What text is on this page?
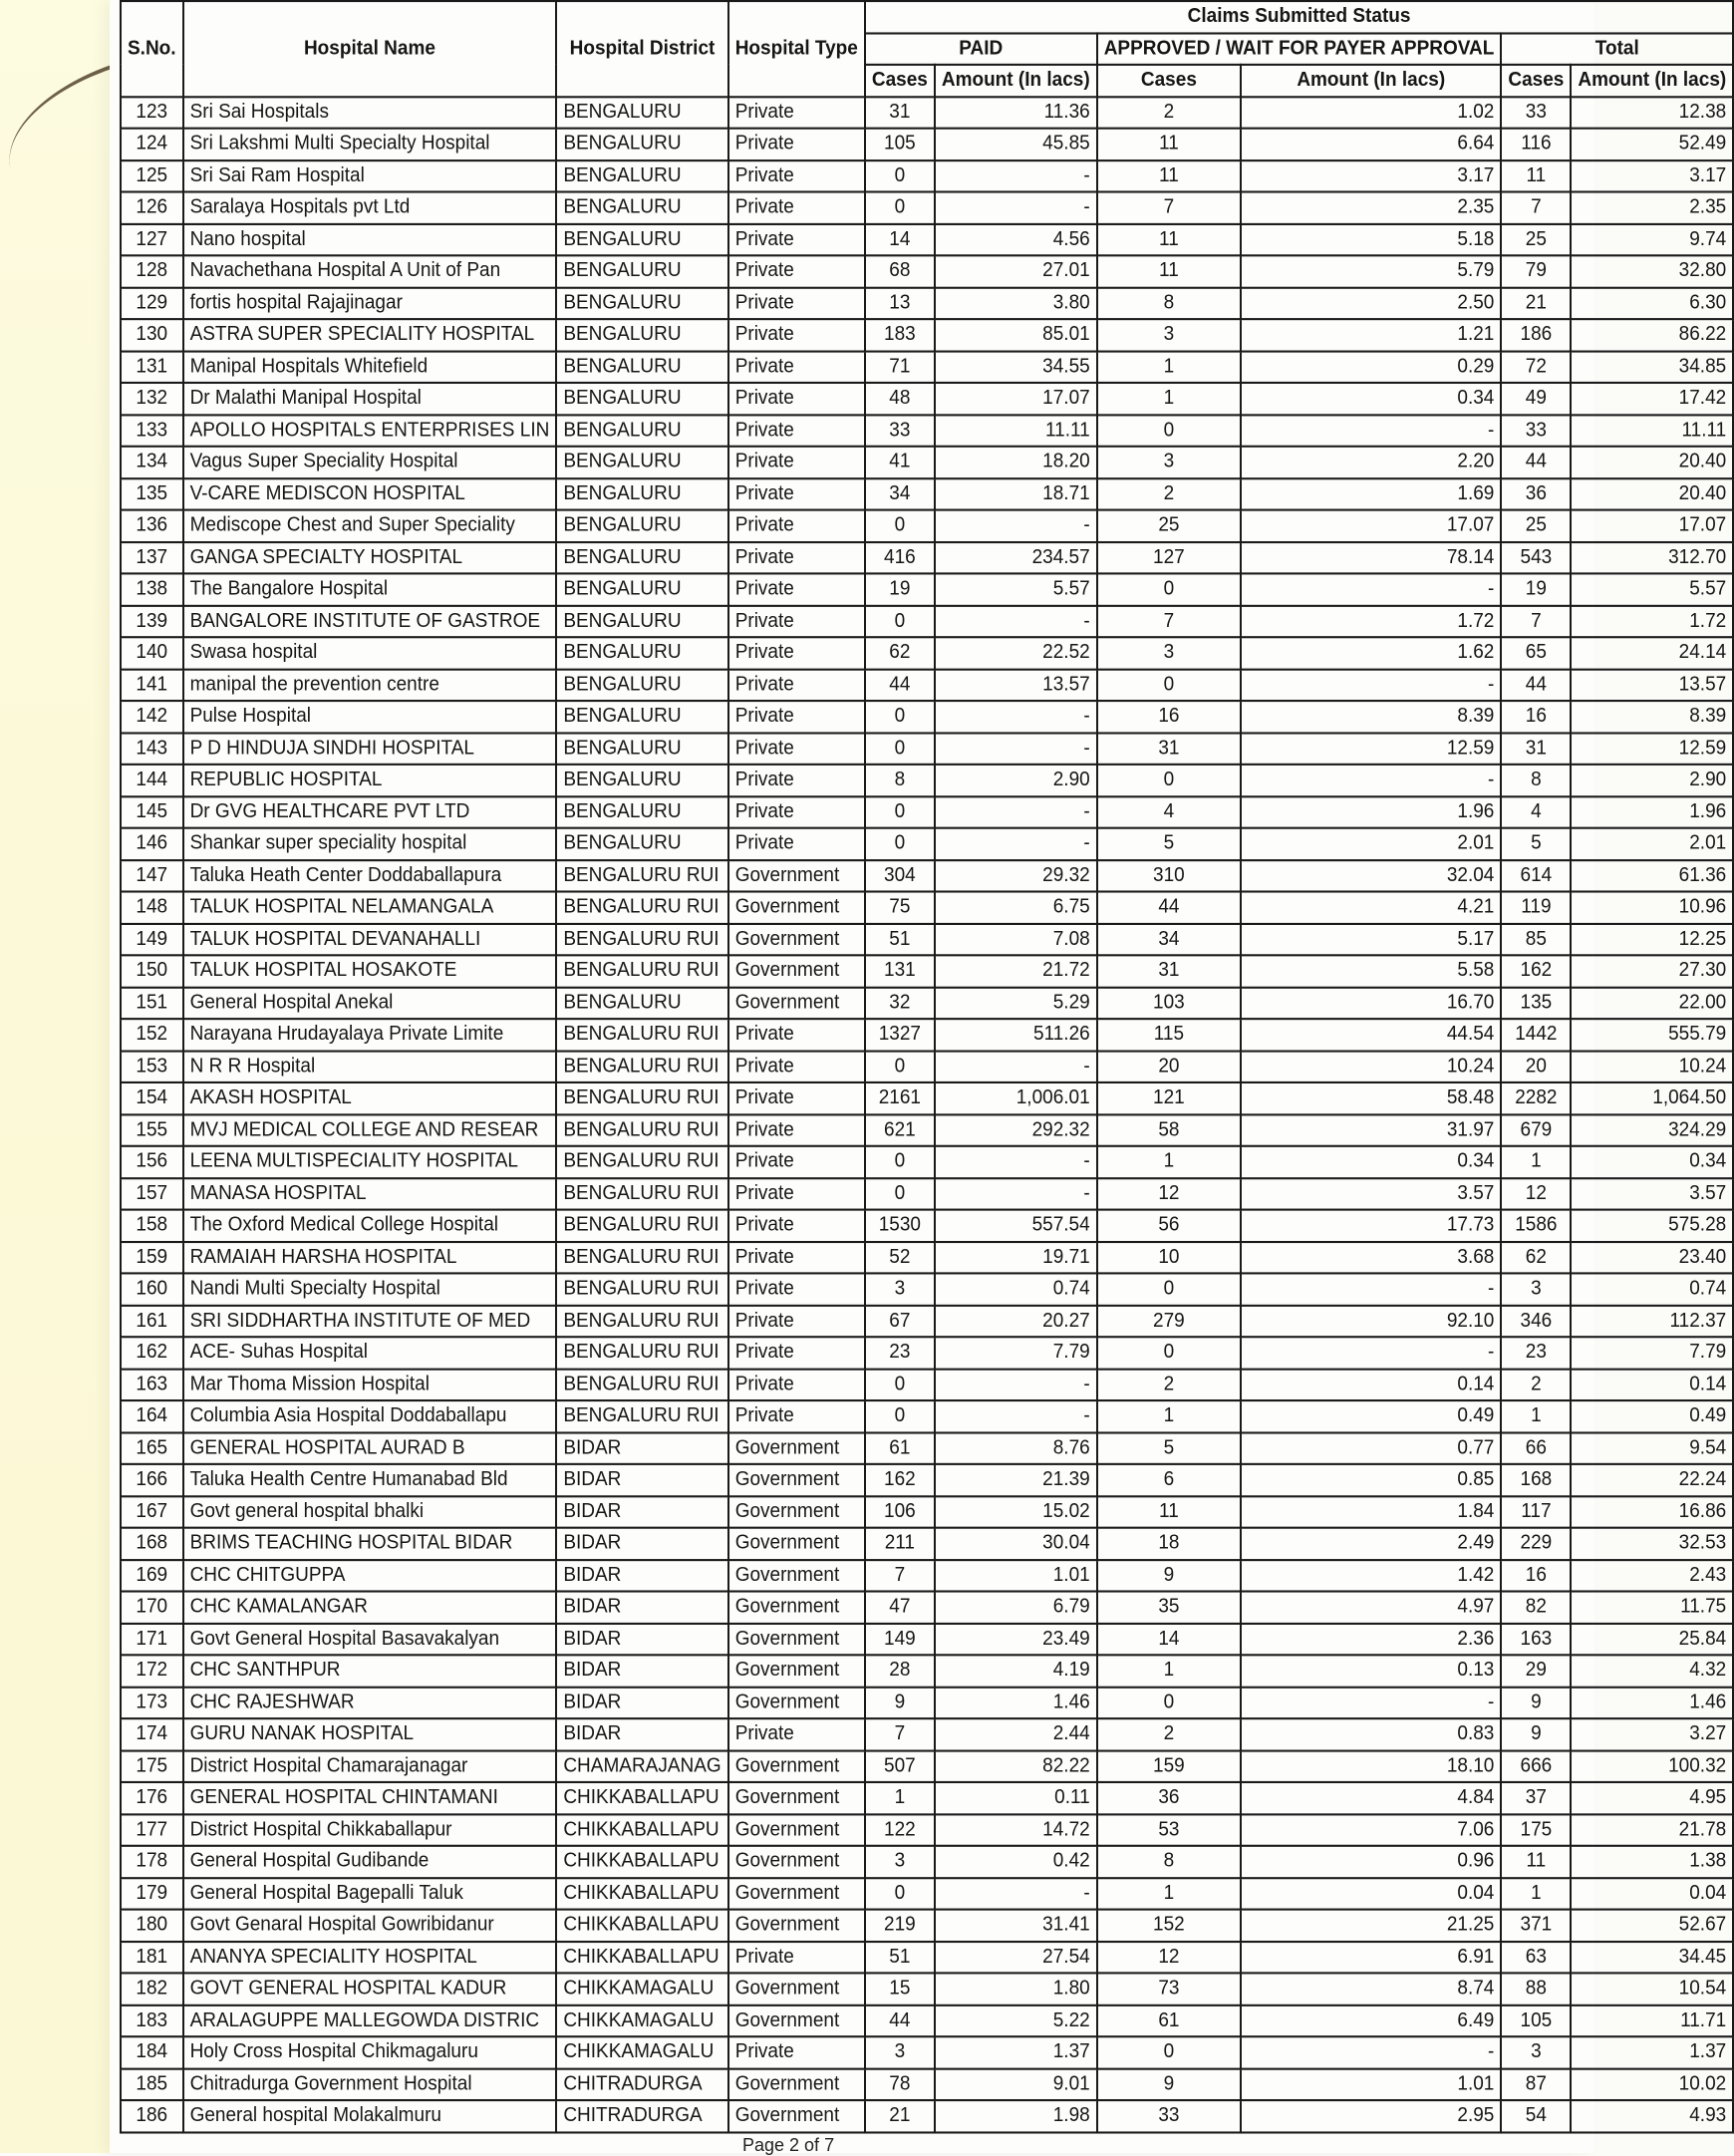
S.No.	Hospital Name	Hospital District	Hospital Type	Claims Submitted Status					
				PAID		APPROVED / WAIT FOR PAYER APPROVAL		Total	
				Cases	Amount (In lacs)	Cases	Amount (In lacs)	Cases	Amount (In lacs)
123	Sri Sai Hospitals	BENGALURU	Private	31	11.36	2	1.02	33	12.38
124	Sri Lakshmi Multi Specialty Hospital	BENGALURU	Private	105	45.85	11	6.64	116	52.49
125	Sri Sai Ram Hospital	BENGALURU	Private	0	-	11	3.17	11	3.17
126	Saralaya Hospitals pvt Ltd	BENGALURU	Private	0	-	7	2.35	7	2.35
127	Nano hospital	BENGALURU	Private	14	4.56	11	5.18	25	9.74
128	Navachethana Hospital A Unit of Pan	BENGALURU	Private	68	27.01	11	5.79	79	32.80
129	fortis hospital Rajajinagar	BENGALURU	Private	13	3.80	8	2.50	21	6.30
130	ASTRA SUPER SPECIALITY HOSPITAL	BENGALURU	Private	183	85.01	3	1.21	186	86.22
131	Manipal Hospitals Whitefield	BENGALURU	Private	71	34.55	1	0.29	72	34.85
132	Dr Malathi Manipal Hospital	BENGALURU	Private	48	17.07	1	0.34	49	17.42
133	APOLLO HOSPITALS ENTERPRISES LIN	BENGALURU	Private	33	11.11	0	-	33	11.11
134	Vagus Super Speciality Hospital	BENGALURU	Private	41	18.20	3	2.20	44	20.40
135	V-CARE MEDISCON HOSPITAL	BENGALURU	Private	34	18.71	2	1.69	36	20.40
136	Mediscope Chest and Super Speciality	BENGALURU	Private	0	-	25	17.07	25	17.07
137	GANGA SPECIALTY HOSPITAL	BENGALURU	Private	416	234.57	127	78.14	543	312.70
138	The Bangalore Hospital	BENGALURU	Private	19	5.57	0	-	19	5.57
139	BANGALORE INSTITUTE OF GASTROE	BENGALURU	Private	0	-	7	1.72	7	1.72
140	Swasa hospital	BENGALURU	Private	62	22.52	3	1.62	65	24.14
141	manipal the prevention centre	BENGALURU	Private	44	13.57	0	-	44	13.57
142	Pulse Hospital	BENGALURU	Private	0	-	16	8.39	16	8.39
143	P D HINDUJA SINDHI HOSPITAL	BENGALURU	Private	0	-	31	12.59	31	12.59
144	REPUBLIC HOSPITAL	BENGALURU	Private	8	2.90	0	-	8	2.90
145	Dr GVG HEALTHCARE PVT LTD	BENGALURU	Private	0	-	4	1.96	4	1.96
146	Shankar super speciality hospital	BENGALURU	Private	0	-	5	2.01	5	2.01
147	Taluka Heath Center Doddaballapura	BENGALURU RUI	Government	304	29.32	310	32.04	614	61.36
148	TALUK HOSPITAL NELAMANGALA	BENGALURU RUI	Government	75	6.75	44	4.21	119	10.96
149	TALUK HOSPITAL DEVANAHALLI	BENGALURU RUI	Government	51	7.08	34	5.17	85	12.25
150	TALUK HOSPITAL HOSAKOTE	BENGALURU RUI	Government	131	21.72	31	5.58	162	27.30
151	General Hospital Anekal	BENGALURU	Government	32	5.29	103	16.70	135	22.00
152	Narayana Hrudayalaya Private Limite	BENGALURU RUI	Private	1327	511.26	115	44.54	1442	555.79
153	N R R Hospital	BENGALURU RUI	Private	0	-	20	10.24	20	10.24
154	AKASH HOSPITAL	BENGALURU RUI	Private	2161	1,006.01	121	58.48	2282	1,064.50
155	MVJ MEDICAL COLLEGE AND RESEAR	BENGALURU RUI	Private	621	292.32	58	31.97	679	324.29
156	LEENA MULTISPECIALITY HOSPITAL	BENGALURU RUI	Private	0	-	1	0.34	1	0.34
157	MANASA HOSPITAL	BENGALURU RUI	Private	0	-	12	3.57	12	3.57
158	The Oxford Medical College Hospital	BENGALURU RUI	Private	1530	557.54	56	17.73	1586	575.28
159	RAMAIAH HARSHA HOSPITAL	BENGALURU RUI	Private	52	19.71	10	3.68	62	23.40
160	Nandi Multi Specialty Hospital	BENGALURU RUI	Private	3	0.74	0	-	3	0.74
161	SRI SIDDHARTHA INSTITUTE OF MED	BENGALURU RUI	Private	67	20.27	279	92.10	346	112.37
162	ACE- Suhas Hospital	BENGALURU RUI	Private	23	7.79	0	-	23	7.79
163	Mar Thoma Mission Hospital	BENGALURU RUI	Private	0	-	2	0.14	2	0.14
164	Columbia Asia Hospital Doddaballapu	BENGALURU RUI	Private	0	-	1	0.49	1	0.49
165	GENERAL HOSPITAL AURAD B	BIDAR	Government	61	8.76	5	0.77	66	9.54
166	Taluka Health Centre Humanabad Bld	BIDAR	Government	162	21.39	6	0.85	168	22.24
167	Govt general hospital bhalki	BIDAR	Government	106	15.02	11	1.84	117	16.86
168	BRIMS TEACHING HOSPITAL BIDAR	BIDAR	Government	211	30.04	18	2.49	229	32.53
169	CHC CHITGUPPA	BIDAR	Government	7	1.01	9	1.42	16	2.43
170	CHC KAMALANGAR	BIDAR	Government	47	6.79	35	4.97	82	11.75
171	Govt General Hospital Basavakalyan	BIDAR	Government	149	23.49	14	2.36	163	25.84
172	CHC SANTHPUR	BIDAR	Government	28	4.19	1	0.13	29	4.32
173	CHC RAJESHWAR	BIDAR	Government	9	1.46	0	-	9	1.46
174	GURU NANAK HOSPITAL	BIDAR	Private	7	2.44	2	0.83	9	3.27
175	District Hospital Chamarajanagar	CHAMARAJANAG	Government	507	82.22	159	18.10	666	100.32
176	GENERAL HOSPITAL CHINTAMANI	CHIKKABALLAPU	Government	1	0.11	36	4.84	37	4.95
177	District Hospital Chikkaballapur	CHIKKABALLAPU	Government	122	14.72	53	7.06	175	21.78
178	General Hospital Gudibande	CHIKKABALLAPU	Government	3	0.42	8	0.96	11	1.38
179	General Hospital Bagepalli Taluk	CHIKKABALLAPU	Government	0	-	1	0.04	1	0.04
180	Govt Genaral Hospital Gowribidanur	CHIKKABALLAPU	Government	219	31.41	152	21.25	371	52.67
181	ANANYA SPECIALITY HOSPITAL	CHIKKABALLAPU	Private	51	27.54	12	6.91	63	34.45
182	GOVT GENERAL HOSPITAL KADUR	CHIKKAMAGALU	Government	15	1.80	73	8.74	88	10.54
183	ARALAGUPPE MALLEGOWDA DISTRIC	CHIKKAMAGALU	Government	44	5.22	61	6.49	105	11.71
184	Holy Cross Hospital Chikmagaluru	CHIKKAMAGALU	Private	3	1.37	0	-	3	1.37
185	Chitradurga Government Hospital	CHITRADURGA	Government	78	9.01	9	1.01	87	10.02
186	General hospital Molakalmuru	CHITRADURGA	Government	21	1.98	33	2.95	54	4.93
Page 2 of 7
